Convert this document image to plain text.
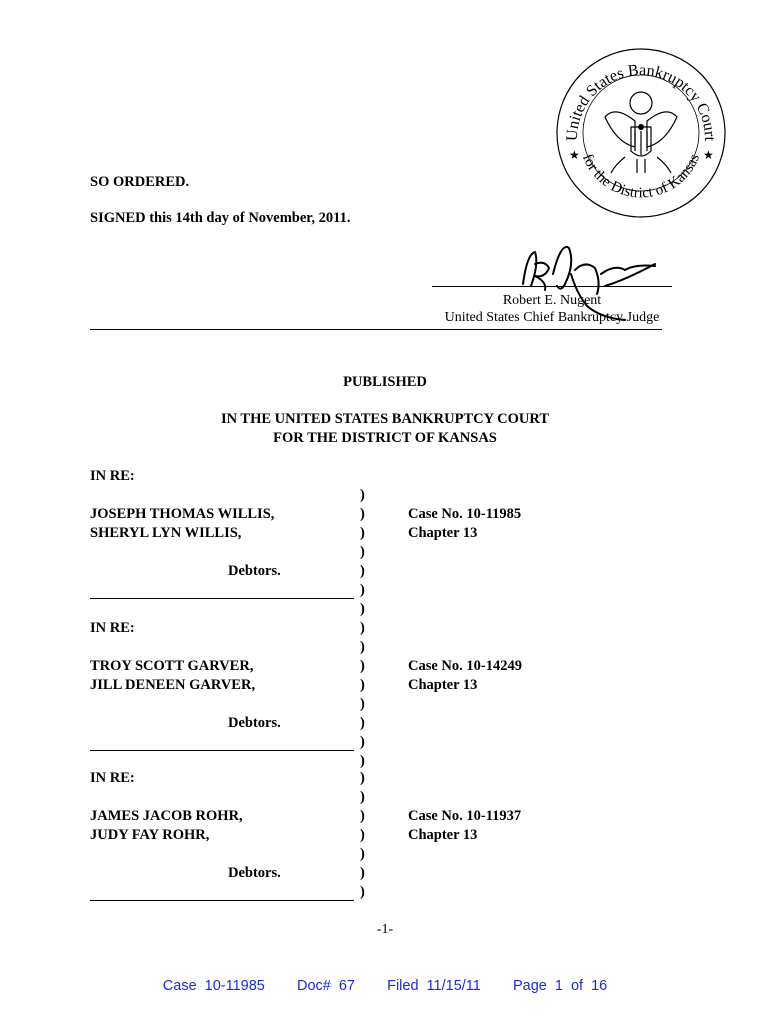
United States Bankruptcy Court
for the District of Kansas
★	★
SO ORDERED.
SIGNED this 14th day of November, 2011.
Robert E. Nugent
United States Chief Bankruptcy Judge
PUBLISHED
IN THE UNITED STATES BANKRUPTCY COURT
FOR THE DISTRICT OF KANSAS
IN RE:
)
JOSEPH THOMAS WILLIS,	)	Case No. 10-11985
SHERYL LYN WILLIS,	)	Chapter 13
)
Debtors.	)
)
)
IN RE:	)
)
TROY SCOTT GARVER,	)	Case No. 10-14249
JILL DENEEN GARVER,	)	Chapter 13
)
Debtors.	)
)
)
IN RE:	)
)
JAMES JACOB ROHR,	)	Case No. 10-11937
JUDY FAY ROHR,	)	Chapter 13
)
Debtors.	)
)
-1-
Case 10-11985    Doc# 67    Filed 11/15/11    Page 1 of 16
